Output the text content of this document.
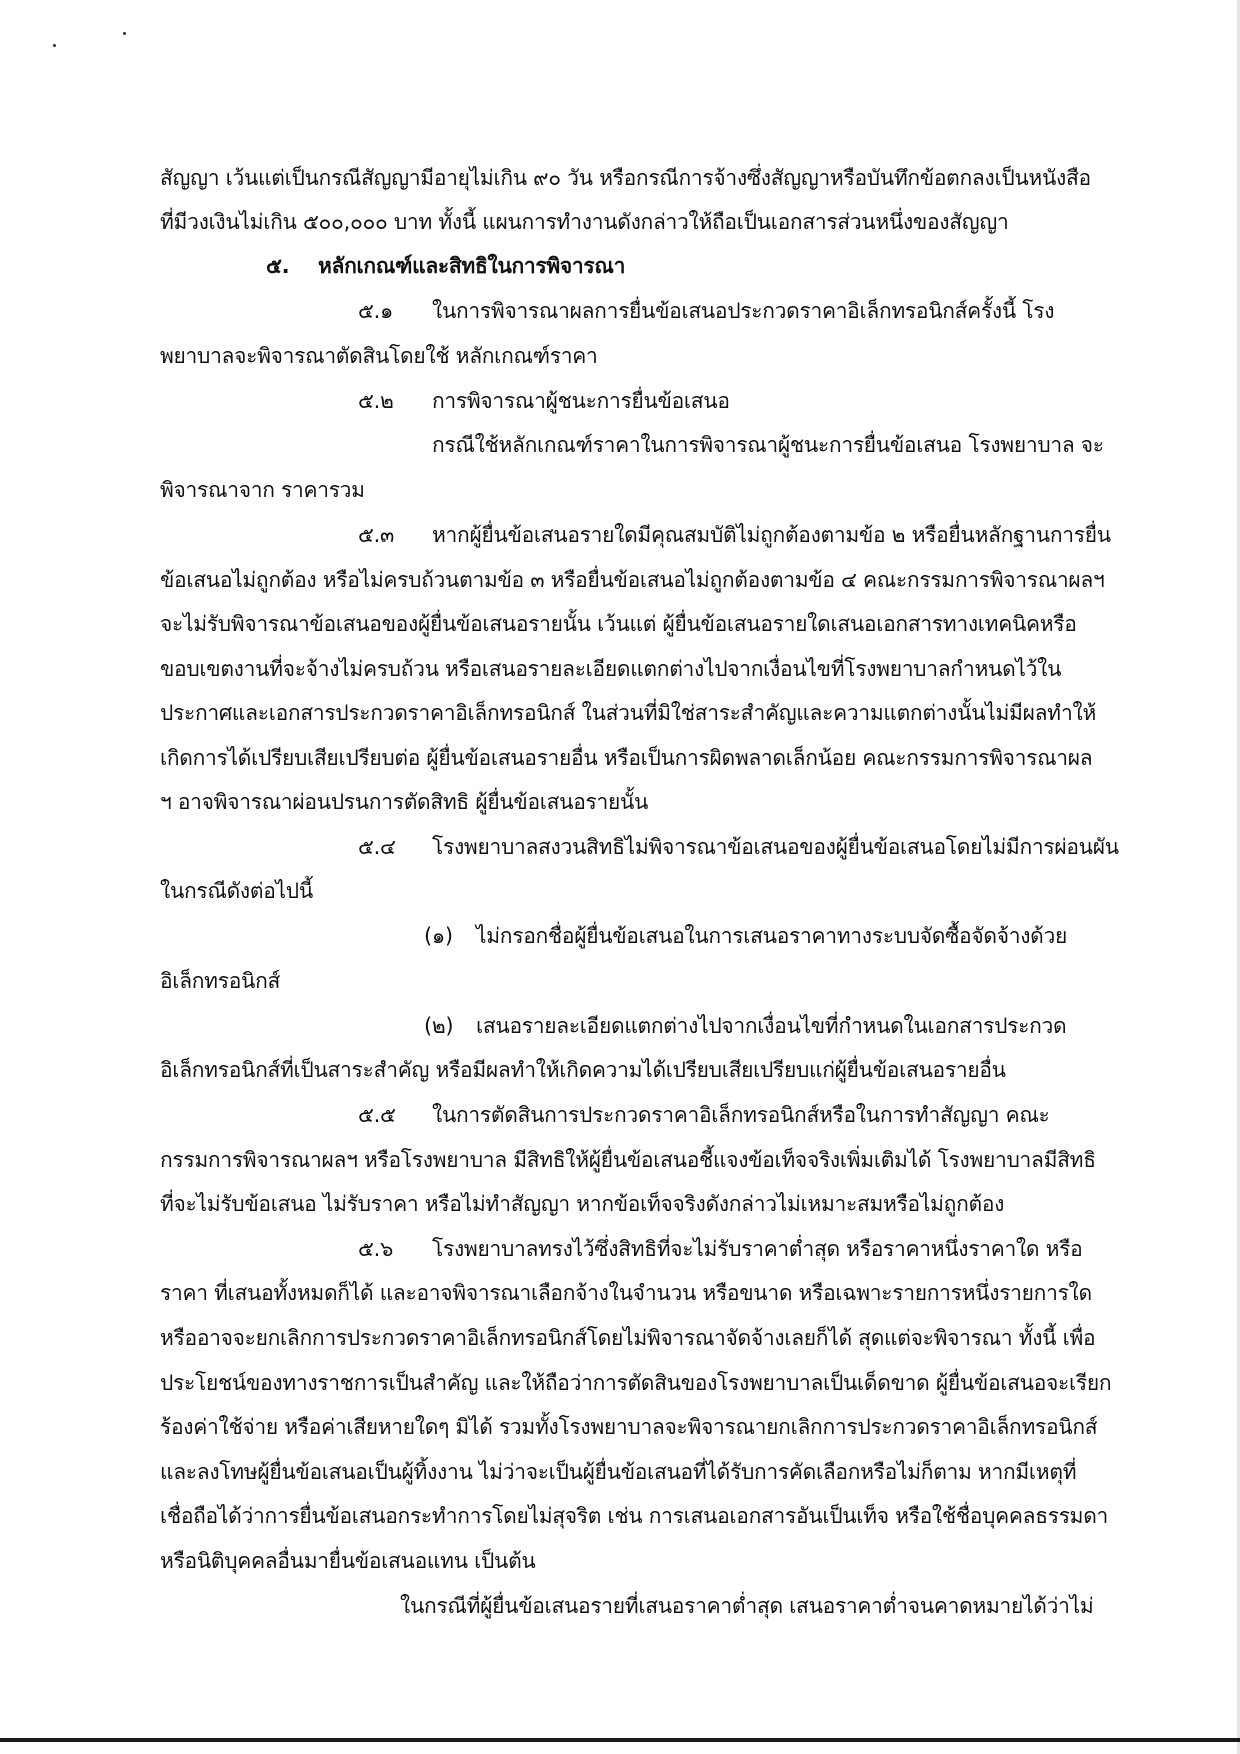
สัญญา เว้นแต่เป็นกรณีสัญญามีอายุไม่เกิน ๙๐ วัน หรือกรณีการจ้างซึ่งสัญญาหรือบันทึกข้อตกลงเป็นหนังสือ
ที่มีวงเงินไม่เกิน ๕๐๐,๐๐๐ บาท ทั้งนี้ แผนการทำงานดังกล่าวให้ถือเป็นเอกสารส่วนหนึ่งของสัญญา
๕. หลักเกณฑ์และสิทธิในการพิจารณา
๕.๑ ในการพิจารณาผลการยื่นข้อเสนอประกวดราคาอิเล็กทรอนิกส์ครั้งนี้ โรง
พยาบาลจะพิจารณาตัดสินโดยใช้ หลักเกณฑ์ราคา
๕.๒ การพิจารณาผู้ชนะการยื่นข้อเสนอ
กรณีใช้หลักเกณฑ์ราคาในการพิจารณาผู้ชนะการยื่นข้อเสนอ โรงพยาบาล จะ
พิจารณาจาก ราคารวม
๕.๓ หากผู้ยื่นข้อเสนอรายใดมีคุณสมบัติไม่ถูกต้องตามข้อ ๒ หรือยื่นหลักฐานการยื่น
ข้อเสนอไม่ถูกต้อง หรือไม่ครบถ้วนตามข้อ ๓ หรือยื่นข้อเสนอไม่ถูกต้องตามข้อ ๔ คณะกรรมการพิจารณาผลฯ
จะไม่รับพิจารณาข้อเสนอของผู้ยื่นข้อเสนอรายนั้น เว้นแต่ ผู้ยื่นข้อเสนอรายใดเสนอเอกสารทางเทคนิคหรือ
ขอบเขตงานที่จะจ้างไม่ครบถ้วน หรือเสนอรายละเอียดแตกต่างไปจากเงื่อนไขที่โรงพยาบาลกำหนดไว้ใน
ประกาศและเอกสารประกวดราคาอิเล็กทรอนิกส์ ในส่วนที่มิใช่สาระสำคัญและความแตกต่างนั้นไม่มีผลทำให้
เกิดการได้เปรียบเสียเปรียบต่อ ผู้ยื่นข้อเสนอรายอื่น หรือเป็นการผิดพลาดเล็กน้อย คณะกรรมการพิจารณาผล
ฯ อาจพิจารณาผ่อนปรนการตัดสิทธิ ผู้ยื่นข้อเสนอรายนั้น
๕.๔ โรงพยาบาลสงวนสิทธิไม่พิจารณาข้อเสนอของผู้ยื่นข้อเสนอโดยไม่มีการผ่อนผัน
ในกรณีดังต่อไปนี้
(๑) ไม่กรอกชื่อผู้ยื่นข้อเสนอในการเสนอราคาทางระบบจัดซื้อจัดจ้างด้วย
อิเล็กทรอนิกส์
(๒) เสนอรายละเอียดแตกต่างไปจากเงื่อนไขที่กำหนดในเอกสารประกวด
อิเล็กทรอนิกส์ที่เป็นสาระสำคัญ หรือมีผลทำให้เกิดความได้เปรียบเสียเปรียบแก่ผู้ยื่นข้อเสนอรายอื่น
๕.๕ ในการตัดสินการประกวดราคาอิเล็กทรอนิกส์หรือในการทำสัญญา คณะ
กรรมการพิจารณาผลฯ หรือโรงพยาบาล มีสิทธิให้ผู้ยื่นข้อเสนอชี้แจงข้อเท็จจริงเพิ่มเติมได้ โรงพยาบาลมีสิทธิ
ที่จะไม่รับข้อเสนอ ไม่รับราคา หรือไม่ทำสัญญา หากข้อเท็จจริงดังกล่าวไม่เหมาะสมหรือไม่ถูกต้อง
๕.๖ โรงพยาบาลทรงไว้ซึ่งสิทธิที่จะไม่รับราคาต่ำสุด หรือราคาหนึ่งราคาใด หรือ
ราคา ที่เสนอทั้งหมดก็ได้ และอาจพิจารณาเลือกจ้างในจำนวน หรือขนาด หรือเฉพาะรายการหนึ่งรายการใด
หรืออาจจะยกเลิกการประกวดราคาอิเล็กทรอนิกส์โดยไม่พิจารณาจัดจ้างเลยก็ได้ สุดแต่จะพิจารณา ทั้งนี้ เพื่อ
ประโยชน์ของทางราชการเป็นสำคัญ และให้ถือว่าการตัดสินของโรงพยาบาลเป็นเด็ดขาด ผู้ยื่นข้อเสนอจะเรียก
ร้องค่าใช้จ่าย หรือค่าเสียหายใดๆ มิได้ รวมทั้งโรงพยาบาลจะพิจารณายกเลิกการประกวดราคาอิเล็กทรอนิกส์
และลงโทษผู้ยื่นข้อเสนอเป็นผู้ทิ้งงาน ไม่ว่าจะเป็นผู้ยื่นข้อเสนอที่ได้รับการคัดเลือกหรือไม่ก็ตาม หากมีเหตุที่
เชื่อถือได้ว่าการยื่นข้อเสนอกระทำการโดยไม่สุจริต เช่น การเสนอเอกสารอันเป็นเท็จ หรือใช้ชื่อบุคคลธรรมดา
หรือนิติบุคคลอื่นมายื่นข้อเสนอแทน เป็นต้น
ในกรณีที่ผู้ยื่นข้อเสนอรายที่เสนอราคาต่ำสุด เสนอราคาต่ำจนคาดหมายได้ว่าไม่
